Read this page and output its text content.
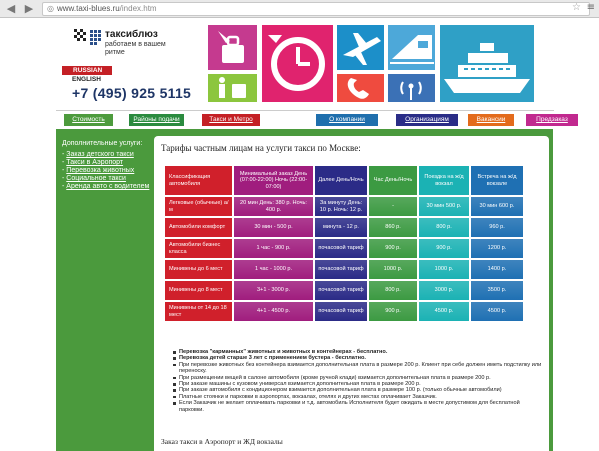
◀ ▶	◎ www.taxi-blues.ru /index.htm	☆ ≡
таксиблюз
работаем в вашем ритме
RUSSIAN
ENGLISH
+7 (495) 925 5115
Стоимость	Районы подачи	Такси и Метро	О компании	Организациям	Вакансии	Предзаказ
Дополнительные услуги:
- Заказ детского такси
- Такси в Аэропорт
- Перевозка животных
- Социальное такси
- Аренда авто с водителем
Тарифы частным лицам на услуги такси по Москве:
Классификация автомобиля	Минимальный заказ День (07:00-22:00) Ночь (22:00-07:00)	Далее День/Ночь	Час День/Ночь	Поездка на ж/д вокзал	Встреча на ж/д вокзале
Легковые (обычные) а/м	20 мин День: 380 р. Ночь: 400 р.	За минуту День: 10 р. Ночь: 12 р.	-	30 мин 500 р.	30 мин 600 р.
Автомобили комфорт	30 мин - 500 р.	минута - 12 р.	860 р.	800 р.	960 р.
Автомобили бизнес класса	1 час - 900 р.	почасовой тариф	900 р.	900 р.	1200 р.
Минивены до 6 мест	1 час - 1000 р.	почасовой тариф	1000 р.	1000 р.	1400 р.
Минивены до 8 мест	3+1 - 3000 р.	почасовой тариф	800 р.	3000 р.	3500 р.
Минивены от 14 до 18 мест	4+1 - 4500 р.	почасовой тариф	900 р.	4500 р.	4500 р.
Перевозка "карманных" животных и животных в контейнерах - бесплатно.
Перевозка детей старше 3 лет с применением бустера - бесплатно.
При перевозке животных без контейнера взимается дополнительная плата в размере 200 р. Клиент при себе должен иметь подстилку или переноску.
При размещении вещей в салоне автомобиля (кроме ручной клади) взимается дополнительная плата в размере 200 р.
При заказе машины с кузовом универсал взимается дополнительная плата в размере 200 р.
При заказе автомобиля с кондиционером взимается дополнительная плата в размере 100 р. (только обычные автомобили)
Платные стоянки и парковки в аэропортах, вокзалах, отелях и других местах оплачивает Заказчик.
Если Заказчик не желает оплачивать парковки и т.д. автомобиль Исполнителя будет ожидать в месте допустимом для бесплатной парковки.
Заказ такси в Аэропорт и ЖД вокзалы
